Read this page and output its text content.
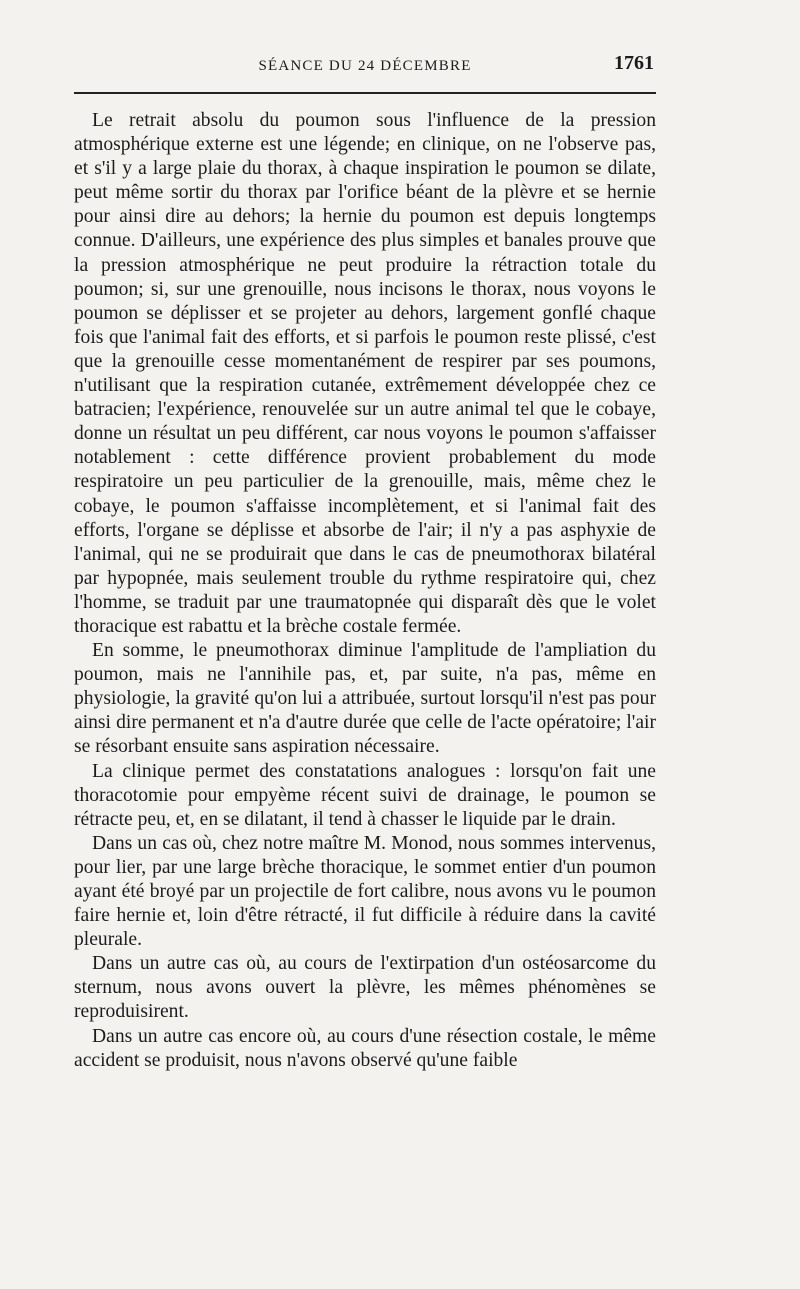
SÉANCE DU 24 DÉCEMBRE	1761

Le retrait absolu du poumon sous l'influence de la pression atmosphérique externe est une légende; en clinique, on ne l'observe pas, et s'il y a large plaie du thorax, à chaque inspiration le poumon se dilate, peut même sortir du thorax par l'orifice béant de la plèvre et se hernie pour ainsi dire au dehors; la hernie du poumon est depuis longtemps connue. D'ailleurs, une expérience des plus simples et banales prouve que la pression atmosphérique ne peut produire la rétraction totale du poumon; si, sur une grenouille, nous incisons le thorax, nous voyons le poumon se déplisser et se projeter au dehors, largement gonflé chaque fois que l'animal fait des efforts, et si parfois le poumon reste plissé, c'est que la grenouille cesse momentanément de respirer par ses poumons, n'utilisant que la respiration cutanée, extrêmement développée chez ce batracien; l'expérience, renouvelée sur un autre animal tel que le cobaye, donne un résultat un peu différent, car nous voyons le poumon s'affaisser notablement : cette différence provient probablement du mode respiratoire un peu particulier de la grenouille, mais, même chez le cobaye, le poumon s'affaisse incomplètement, et si l'animal fait des efforts, l'organe se déplisse et absorbe de l'air; il n'y a pas asphyxie de l'animal, qui ne se produirait que dans le cas de pneumothorax bilatéral par hypopnée, mais seulement trouble du rythme respiratoire qui, chez l'homme, se traduit par une traumatopnée qui disparaît dès que le volet thoracique est rabattu et la brèche costale fermée.

En somme, le pneumothorax diminue l'amplitude de l'ampliation du poumon, mais ne l'annihile pas, et, par suite, n'a pas, même en physiologie, la gravité qu'on lui a attribuée, surtout lorsqu'il n'est pas pour ainsi dire permanent et n'a d'autre durée que celle de l'acte opératoire; l'air se résorbant ensuite sans aspiration nécessaire.

La clinique permet des constatations analogues : lorsqu'on fait une thoracotomie pour empyème récent suivi de drainage, le poumon se rétracte peu, et, en se dilatant, il tend à chasser le liquide par le drain.

Dans un cas où, chez notre maître M. Monod, nous sommes intervenus, pour lier, par une large brèche thoracique, le sommet entier d'un poumon ayant été broyé par un projectile de fort calibre, nous avons vu le poumon faire hernie et, loin d'être rétracté, il fut difficile à réduire dans la cavité pleurale.

Dans un autre cas où, au cours de l'extirpation d'un ostéosarcome du sternum, nous avons ouvert la plèvre, les mêmes phénomènes se reproduisirent.

Dans un autre cas encore où, au cours d'une résection costale, le même accident se produisit, nous n'avons observé qu'une faible
